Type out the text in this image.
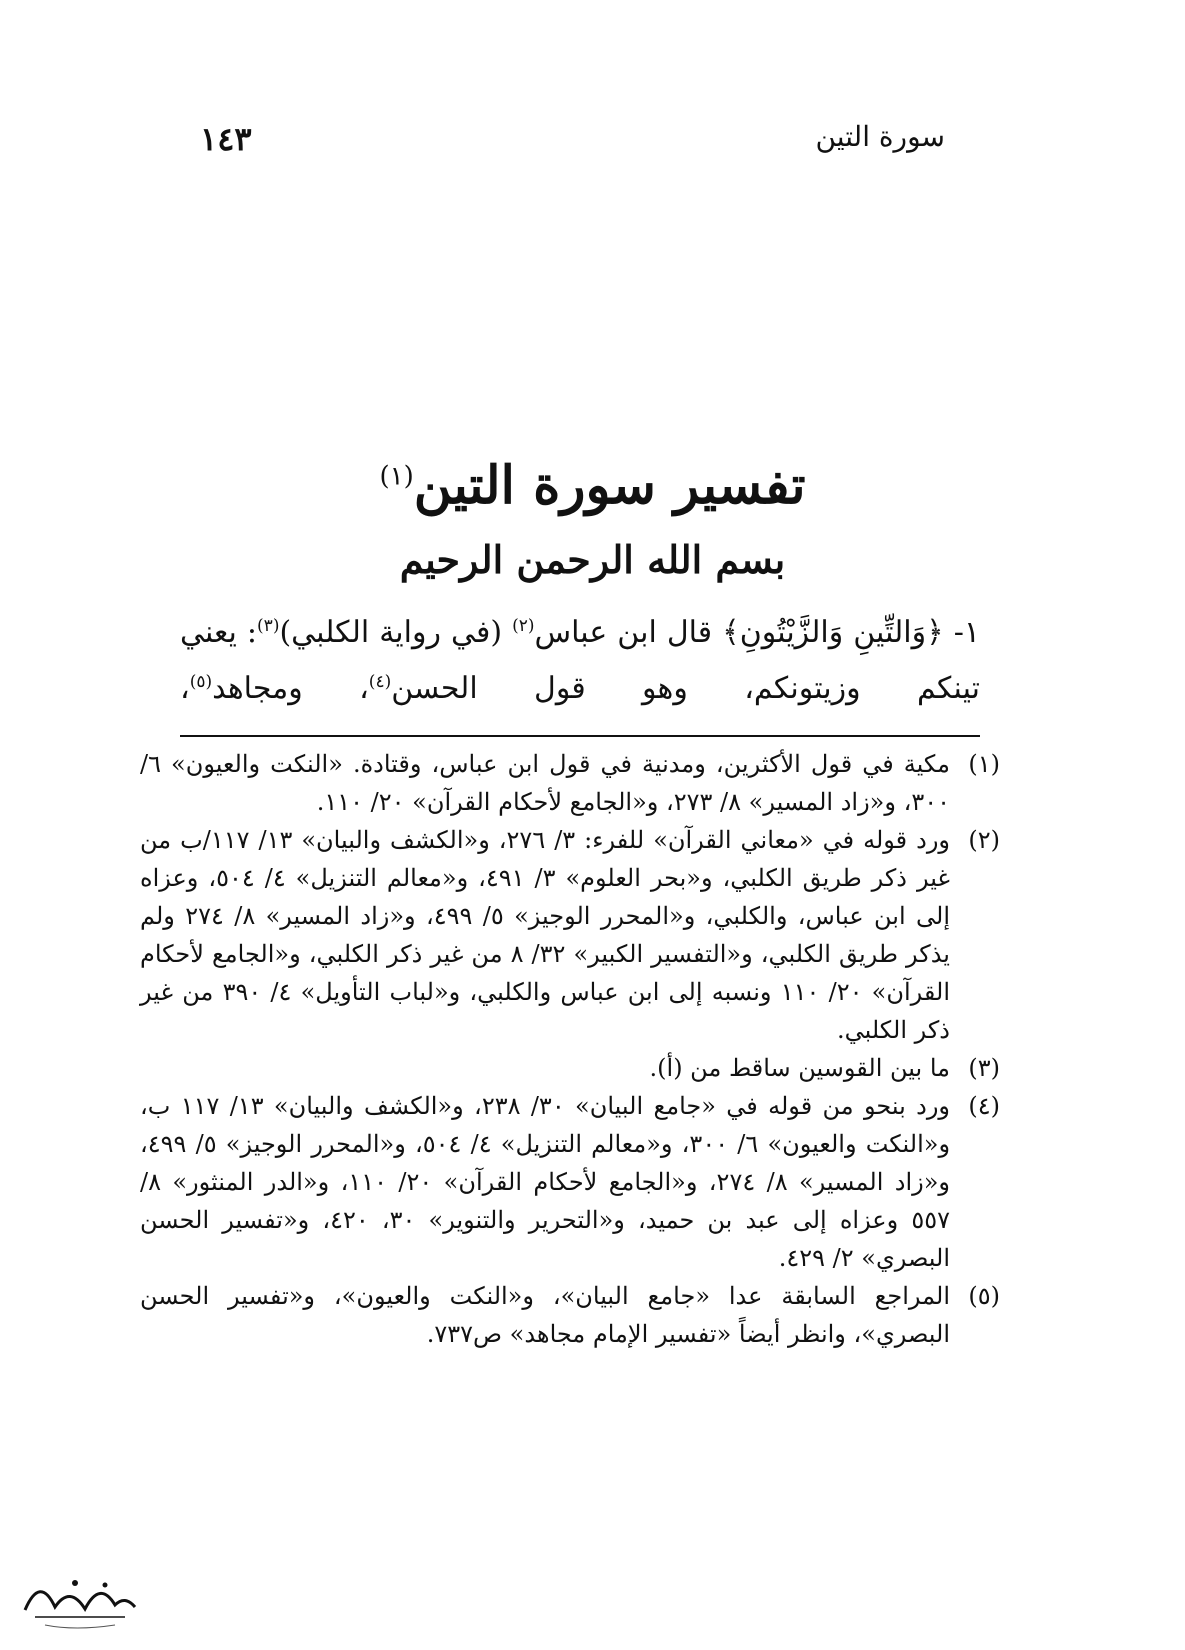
سورة التين
١٤٣
تفسير سورة التين$^{(١)}$
بسم الله الرحمن الرحيم

١- ﴿وَالتِّينِ وَالزَّيْتُونِ﴾ قال ابن عباس$^{(٢)}$ (في رواية الكلبي)$^{(٣)}$: يعني

تينكم وزيتونكم، وهو قول الحسن$^{(٤)}$، ومجاهد$^{(٥)}$،

(١)
مكية في قول الأكثرين، ومدنية في قول ابن عباس، وقتادة. «النكت والعيون» ٦/ ٣٠٠، و«زاد المسير» ٨/ ٢٧٣، و«الجامع لأحكام القرآن» ٢٠/ ١١٠.
(٢)
ورد قوله في «معاني القرآن» للفرء: ٣/ ٢٧٦، و«الكشف والبيان» ١٣/ ١١٧/ب من غير ذكر طريق الكلبي، و«بحر العلوم» ٣/ ٤٩١، و«معالم التنزيل» ٤/ ٥٠٤، وعزاه إلى ابن عباس، والكلبي، و«المحرر الوجيز» ٥/ ٤٩٩، و«زاد المسير» ٨/ ٢٧٤ ولم يذكر طريق الكلبي، و«التفسير الكبير» ٣٢/ ٨ من غير ذكر الكلبي، و«الجامع لأحكام القرآن» ٢٠/ ١١٠ ونسبه إلى ابن عباس والكلبي، و«لباب التأويل» ٤/ ٣٩٠ من غير ذكر الكلبي.
(٣)
ما بين القوسين ساقط من (أ).
(٤)
ورد بنحو من قوله في «جامع البيان» ٣٠/ ٢٣٨، و«الكشف والبيان» ١٣/ ١١٧ ب، و«النكت والعيون» ٦/ ٣٠٠، و«معالم التنزيل» ٤/ ٥٠٤، و«المحرر الوجيز» ٥/ ٤٩٩، و«زاد المسير» ٨/ ٢٧٤، و«الجامع لأحكام القرآن» ٢٠/ ١١٠، و«الدر المنثور» ٨/ ٥٥٧ وعزاه إلى عبد بن حميد، و«التحرير والتنوير» ٣٠، ٤٢٠، و«تفسير الحسن البصري» ٢/ ٤٢٩.
(٥)
المراجع السابقة عدا «جامع البيان»، و«النكت والعيون»، و«تفسير الحسن البصري»، وانظر أيضاً «تفسير الإمام مجاهد» ص٧٣٧.
